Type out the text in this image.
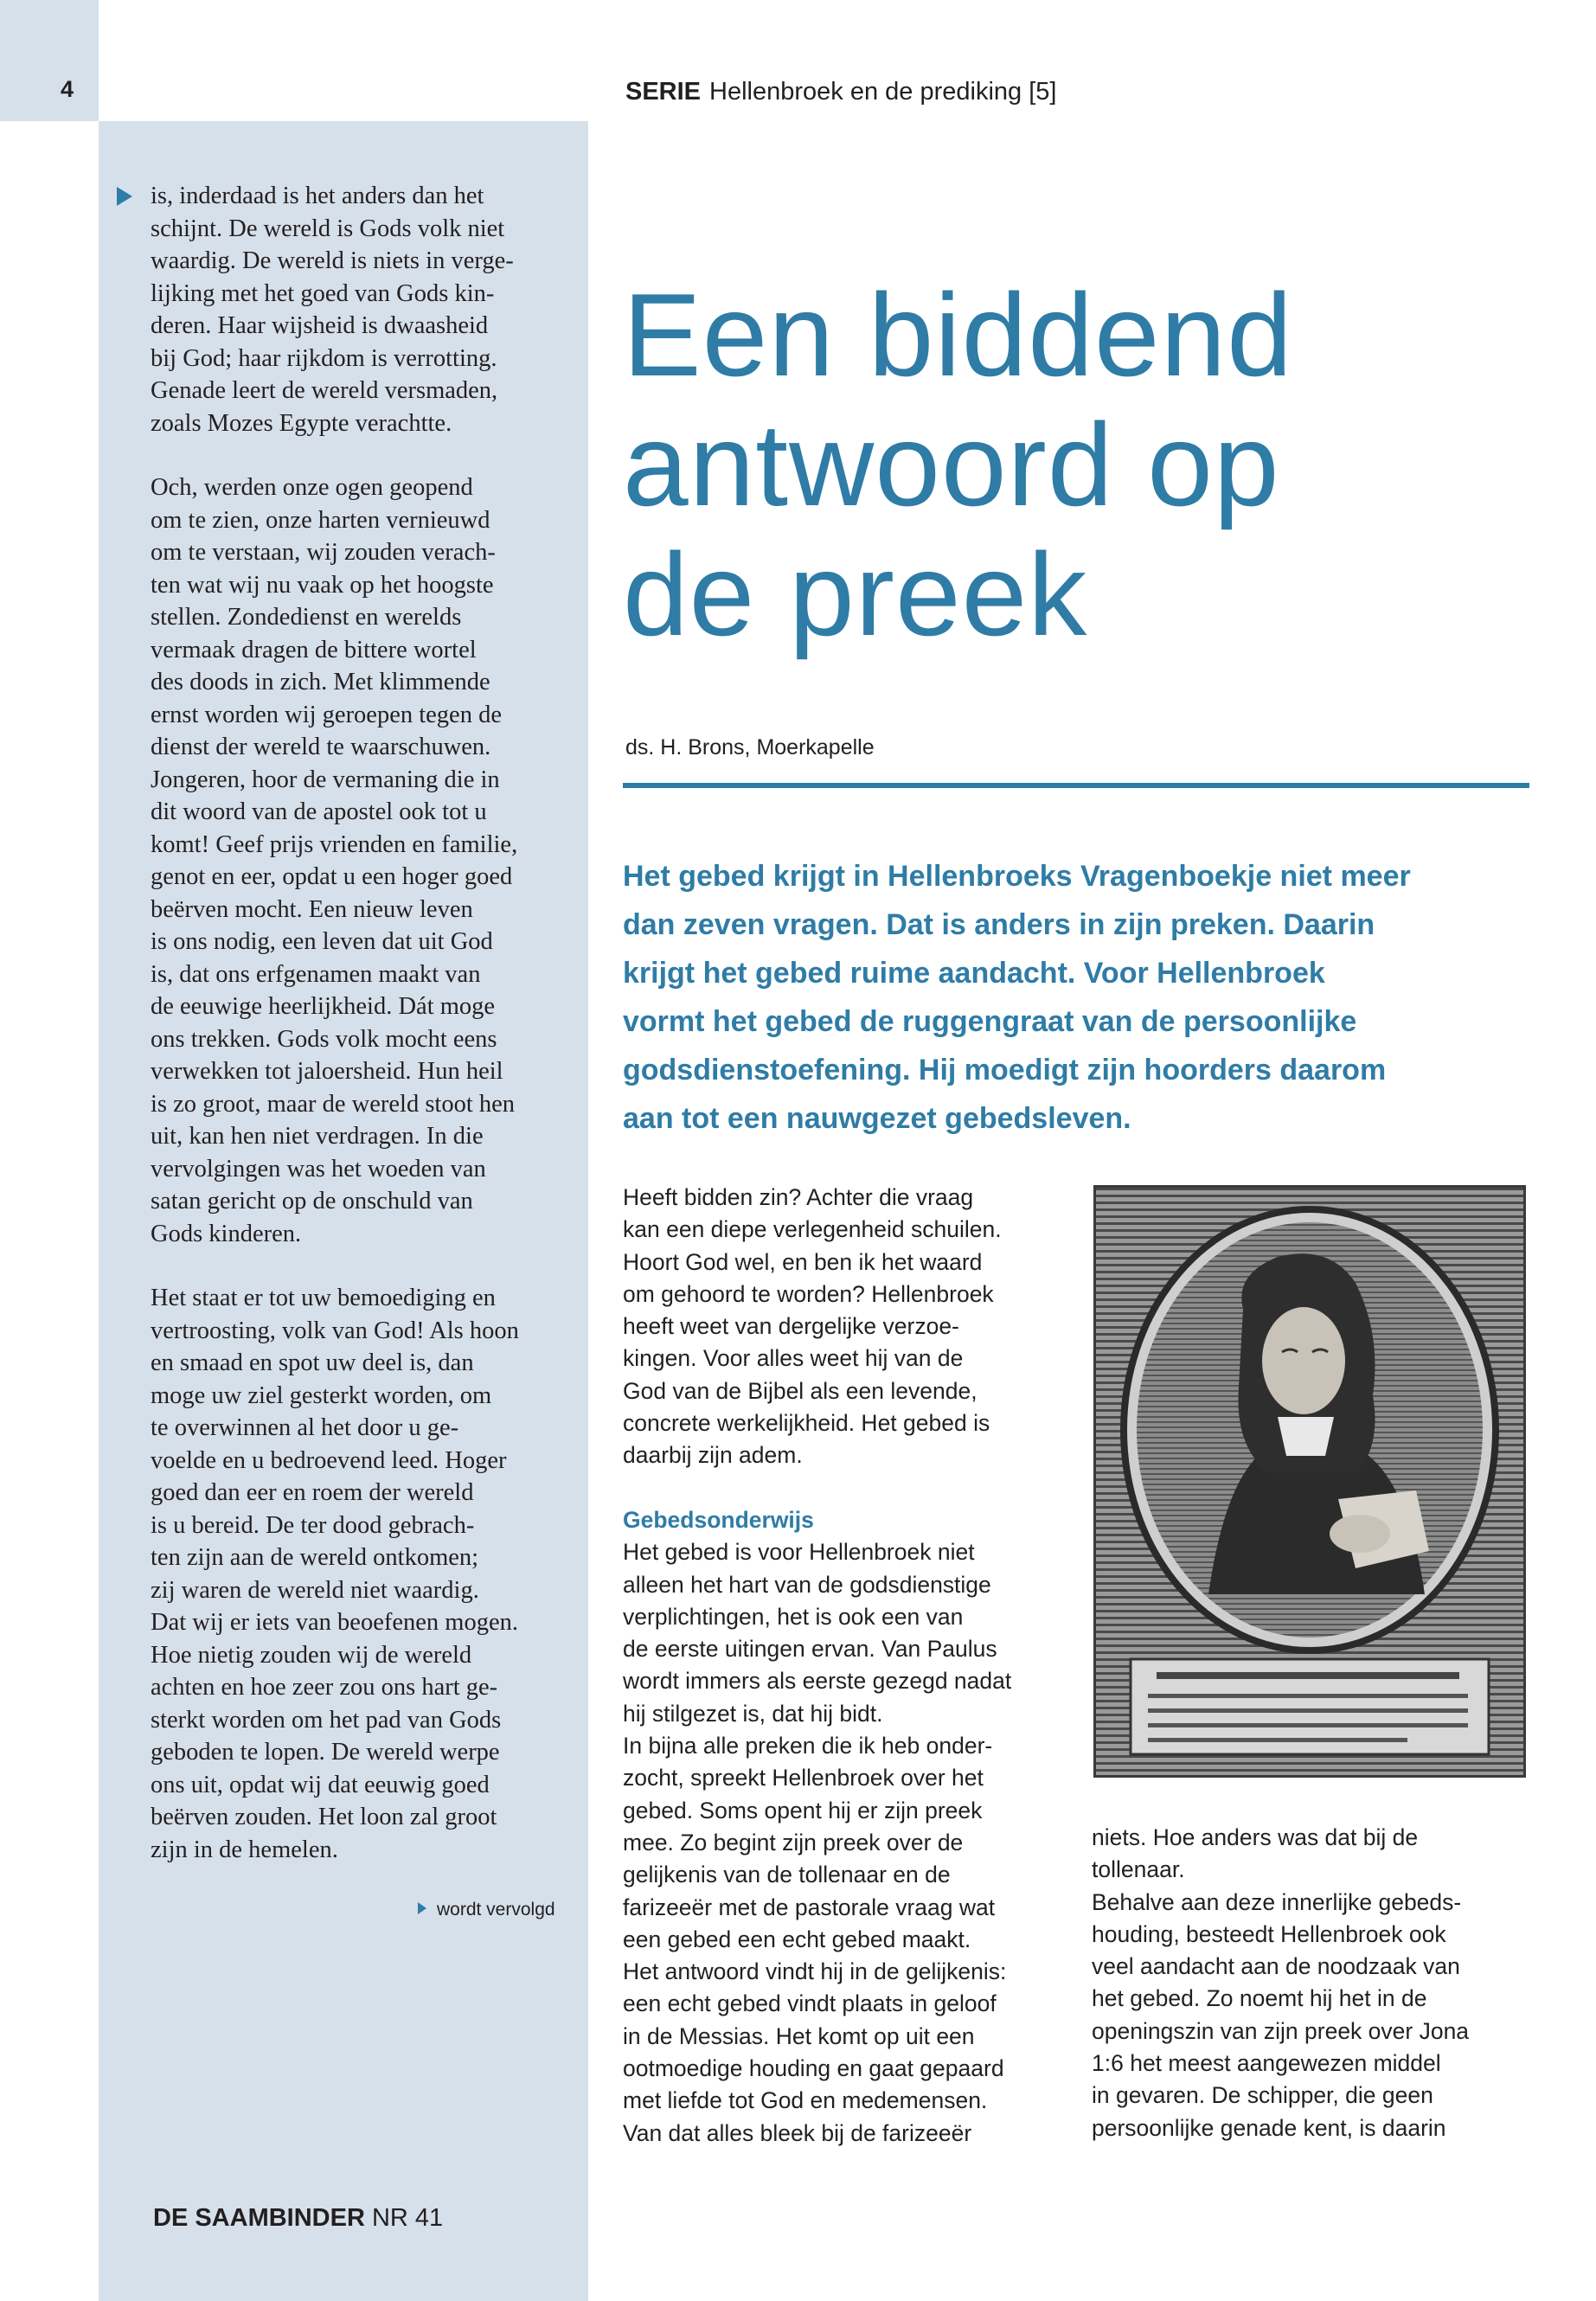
4	SERIE Hellenbroek en de prediking [5]

is, inderdaad is het anders dan het
schijnt. De wereld is Gods volk niet
waardig. De wereld is niets in verge-
lijking met het goed van Gods kin-
deren. Haar wijsheid is dwaasheid
bij God; haar rijkdom is verrotting.
Genade leert de wereld versmaden,
zoals Mozes Egypte verachtte.

Och, werden onze ogen geopend
om te zien, onze harten vernieuwd
om te verstaan, wij zouden verach-
ten wat wij nu vaak op het hoogste
stellen. Zondedienst en werelds
vermaak dragen de bittere wortel
des doods in zich. Met klimmende
ernst worden wij geroepen tegen de
dienst der wereld te waarschuwen.
Jongeren, hoor de vermaning die in
dit woord van de apostel ook tot u
komt! Geef prijs vrienden en familie,
genot en eer, opdat u een hoger goed
beërven mocht. Een nieuw leven
is ons nodig, een leven dat uit God
is, dat ons erfgenamen maakt van
de eeuwige heerlijkheid. Dát moge
ons trekken. Gods volk mocht eens
verwekken tot jaloersheid. Hun heil
is zo groot, maar de wereld stoot hen
uit, kan hen niet verdragen. In die
vervolgingen was het woeden van
satan gericht op de onschuld van
Gods kinderen.

Het staat er tot uw bemoediging en
vertroosting, volk van God! Als hoon
en smaad en spot uw deel is, dan
moge uw ziel gesterkt worden, om
te overwinnen al het door u ge-
voelde en u bedroevend leed. Hoger
goed dan eer en roem der wereld
is u bereid. De ter dood gebrach-
ten zijn aan de wereld ontkomen;
zij waren de wereld niet waardig.
Dat wij er iets van beoefenen mogen.
Hoe nietig zouden wij de wereld
achten en hoe zeer zou ons hart ge-
sterkt worden om het pad van Gods
geboden te lopen. De wereld werpe
ons uit, opdat wij dat eeuwig goed
beërven zouden. Het loon zal groot
zijn in de hemelen.

wordt vervolgd
DE SAAMBINDER NR 41
Een biddend
antwoord op
de preek
ds. H. Brons, Moerkapelle
Het gebed krijgt in Hellenbroeks Vragenboekje niet meer
dan zeven vragen. Dat is anders in zijn preken. Daarin
krijgt het gebed ruime aandacht. Voor Hellenbroek
vormt het gebed de ruggengraat van de persoonlijke
godsdienstoefening. Hij moedigt zijn hoorders daarom
aan tot een nauwgezet gebedsleven.
Heeft bidden zin? Achter die vraag
kan een diepe verlegenheid schuilen.
Hoort God wel, en ben ik het waard
om gehoord te worden? Hellenbroek
heeft weet van dergelijke verzoe-
kingen. Voor alles weet hij van de
God van de Bijbel als een levende,
concrete werkelijkheid. Het gebed is
daarbij zijn adem.
Gebedsonderwijs
Het gebed is voor Hellenbroek niet
alleen het hart van de godsdienstige
verplichtingen, het is ook een van
de eerste uitingen ervan. Van Paulus
wordt immers als eerste gezegd nadat
hij stilgezet is, dat hij bidt.
In bijna alle preken die ik heb onder-
zocht, spreekt Hellenbroek over het
gebed. Soms opent hij er zijn preek
mee. Zo begint zijn preek over de
gelijkenis van de tollenaar en de
farizeeër met de pastorale vraag wat
een gebed een echt gebed maakt.
Het antwoord vindt hij in de gelijkenis:
een echt gebed vindt plaats in geloof
in de Messias. Het komt op uit een
ootmoedige houding en gaat gepaard
met liefde tot God en medemensen.
Van dat alles bleek bij de farizeeër
niets. Hoe anders was dat bij de
tollenaar.
Behalve aan deze innerlijke gebeds-
houding, besteedt Hellenbroek ook
veel aandacht aan de noodzaak van
het gebed. Zo noemt hij het in de
openingszin van zijn preek over Jona
1:6 het meest aangewezen middel
in gevaren. De schipper, die geen
persoonlijke genade kent, is daarin
